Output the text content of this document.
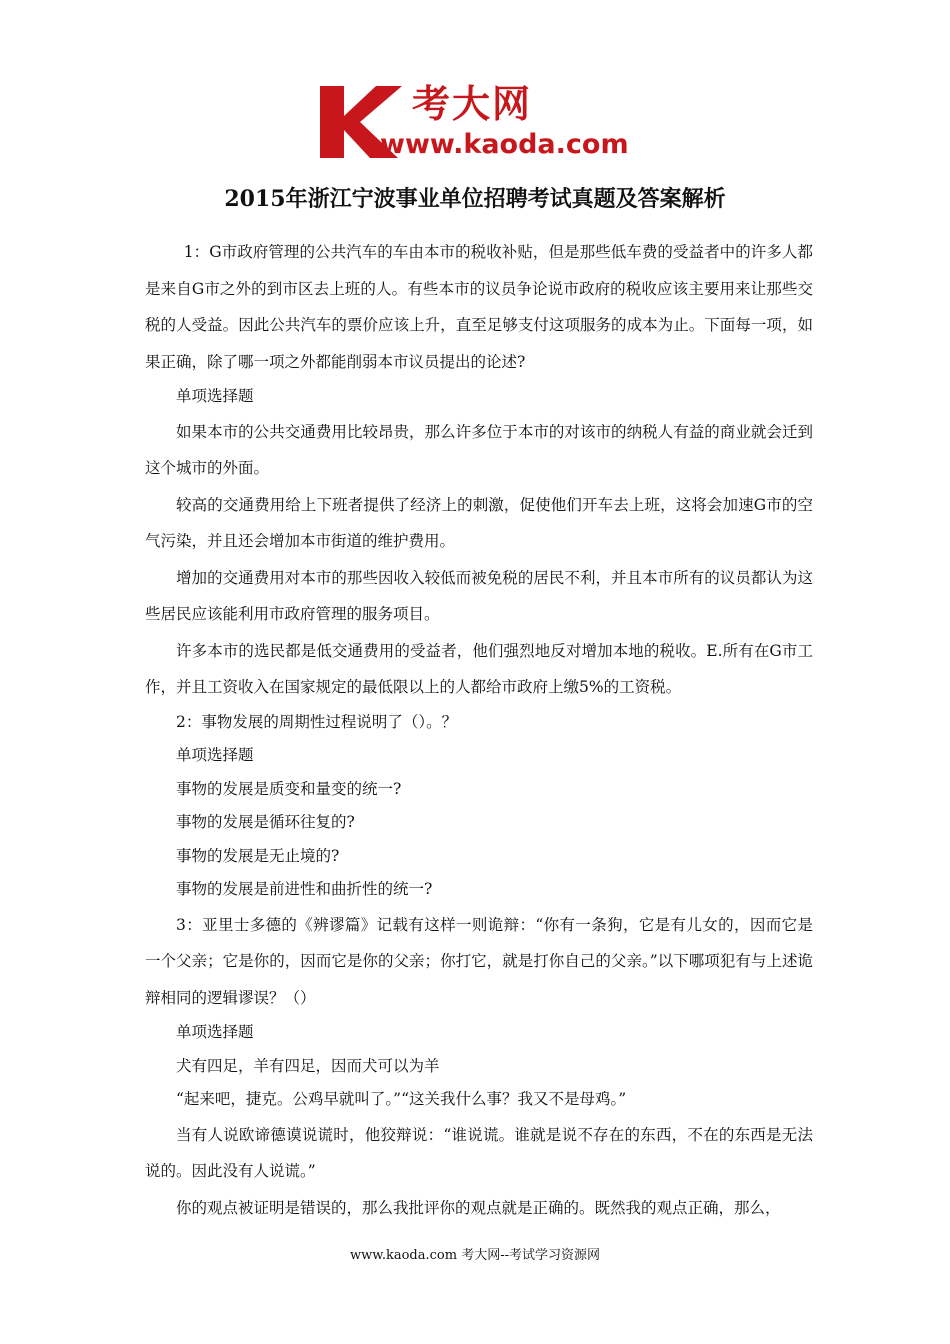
考大网
www.kaoda.com
2015年浙江宁波事业单位招聘考试真题及答案解析

1：G市政府管理的公共汽车的车由本市的税收补贴，但是那些低车费的受益者中的许多人都是来自G市之外的到市区去上班的人。有些本市的议员争论说市政府的税收应该主要用来让那些交税的人受益。因此公共汽车的票价应该上升，直至足够支付这项服务的成本为止。下面每一项，如果正确，除了哪一项之外都能削弱本市议员提出的论述?

单项选择题

如果本市的公共交通费用比较昂贵，那么许多位于本市的对该市的纳税人有益的商业就会迁到这个城市的外面。

较高的交通费用给上下班者提供了经济上的刺激，促使他们开车去上班，这将会加速G市的空气污染，并且还会增加本市街道的维护费用。

增加的交通费用对本市的那些因收入较低而被免税的居民不利，并且本市所有的议员都认为这些居民应该能利用市政府管理的服务项目。

许多本市的选民都是低交通费用的受益者，他们强烈地反对增加本地的税收。E.所有在G市工作，并且工资收入在国家规定的最低限以上的人都给市政府上缴5%的工资税。

2：事物发展的周期性过程说明了（）。？

单项选择题

事物的发展是质变和量变的统一?

事物的发展是循环往复的?

事物的发展是无止境的?

事物的发展是前进性和曲折性的统一?

3：亚里士多德的《辨谬篇》记载有这样一则诡辩：“你有一条狗，它是有儿女的，因而它是一个父亲；它是你的，因而它是你的父亲；你打它，就是打你自己的父亲。”以下哪项犯有与上述诡辩相同的逻辑谬误？（）

单项选择题

犬有四足，羊有四足，因而犬可以为羊

“起来吧，捷克。公鸡早就叫了。”“这关我什么事？我又不是母鸡。”

当有人说欧谛德谟说谎时，他狡辩说：“谁说谎。谁就是说不存在的东西，不在的东西是无法说的。因此没有人说谎。”

你的观点被证明是错误的，那么我批评你的观点就是正确的。既然我的观点正确，那么，

www.kaoda.com 考大网--考试学习资源网
